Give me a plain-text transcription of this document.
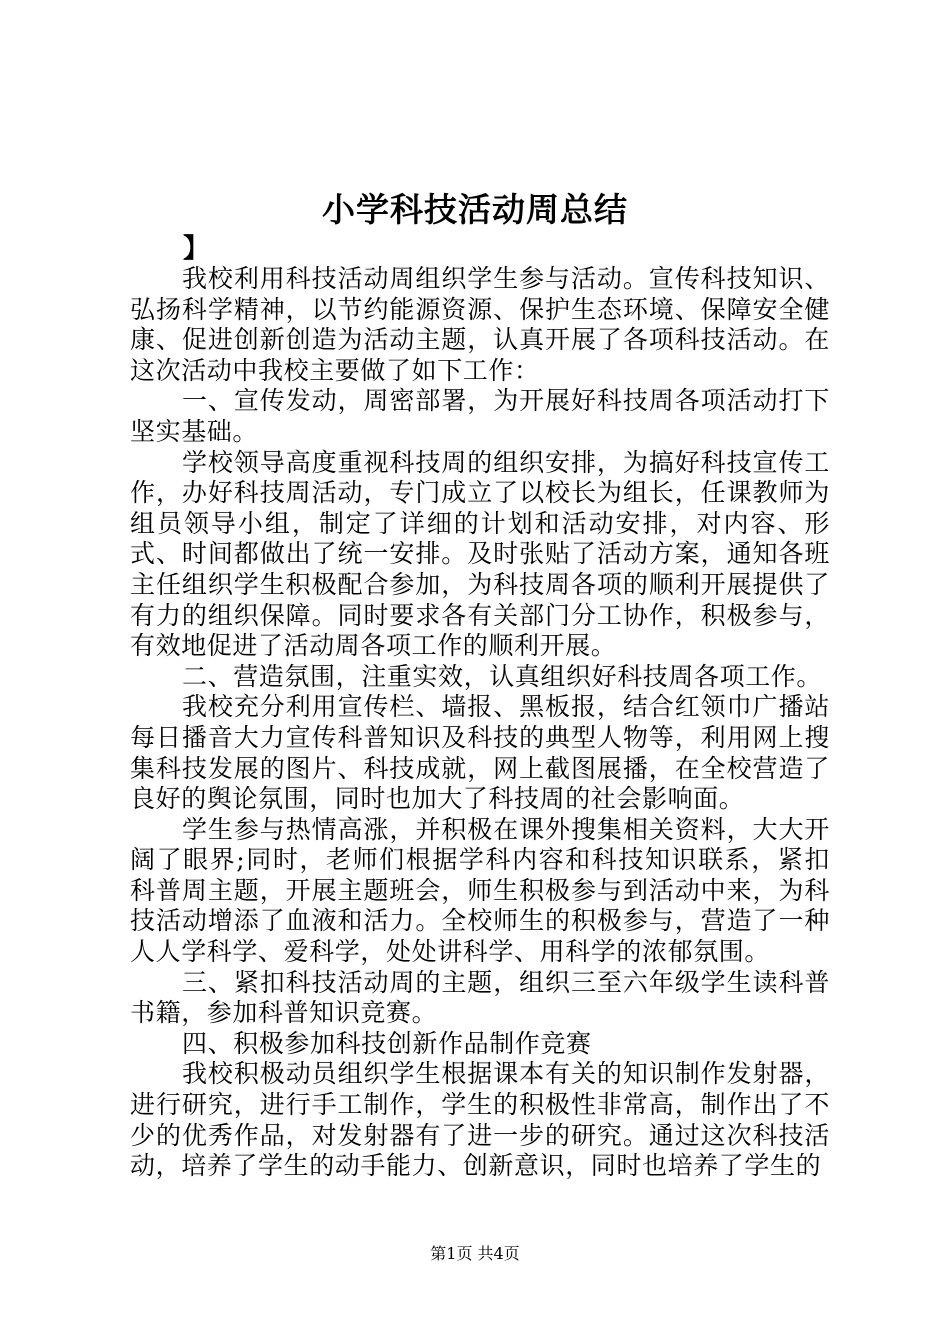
小学科技活动周总结
】

我校利用科技活动周组织学生参与活动。宣传科技知识、弘扬科学精神，以节约能源资源、保护生态环境、保障安全健康、促进创新创造为活动主题，认真开展了各项科技活动。在这次活动中我校主要做了如下工作：

一、宣传发动，周密部署，为开展好科技周各项活动打下坚实基础。

学校领导高度重视科技周的组织安排，为搞好科技宣传工作，办好科技周活动，专门成立了以校长为组长，任课教师为组员领导小组，制定了详细的计划和活动安排，对内容、形式、时间都做出了统一安排。及时张贴了活动方案，通知各班主任组织学生积极配合参加，为科技周各项的顺利开展提供了有力的组织保障。同时要求各有关部门分工协作，积极参与，有效地促进了活动周各项工作的顺利开展。

二、营造氛围，注重实效，认真组织好科技周各项工作。

我校充分利用宣传栏、墙报、黑板报，结合红领巾广播站每日播音大力宣传科普知识及科技的典型人物等，利用网上搜集科技发展的图片、科技成就，网上截图展播，在全校营造了良好的舆论氛围，同时也加大了科技周的社会影响面。

学生参与热情高涨，并积极在课外搜集相关资料，大大开阔了眼界;同时，老师们根据学科内容和科技知识联系，紧扣科普周主题，开展主题班会，师生积极参与到活动中来，为科技活动增添了血液和活力。全校师生的积极参与，营造了一种人人学科学、爱科学，处处讲科学、用科学的浓郁氛围。

三、紧扣科技活动周的主题，组织三至六年级学生读科普书籍，参加科普知识竞赛。

四、积极参加科技创新作品制作竞赛

我校积极动员组织学生根据课本有关的知识制作发射器，进行研究，进行手工制作，学生的积极性非常高，制作出了不少的优秀作品，对发射器有了进一步的研究。通过这次科技活动，培养了学生的动手能力、创新意识，同时也培养了学生的

第1页 共4页
